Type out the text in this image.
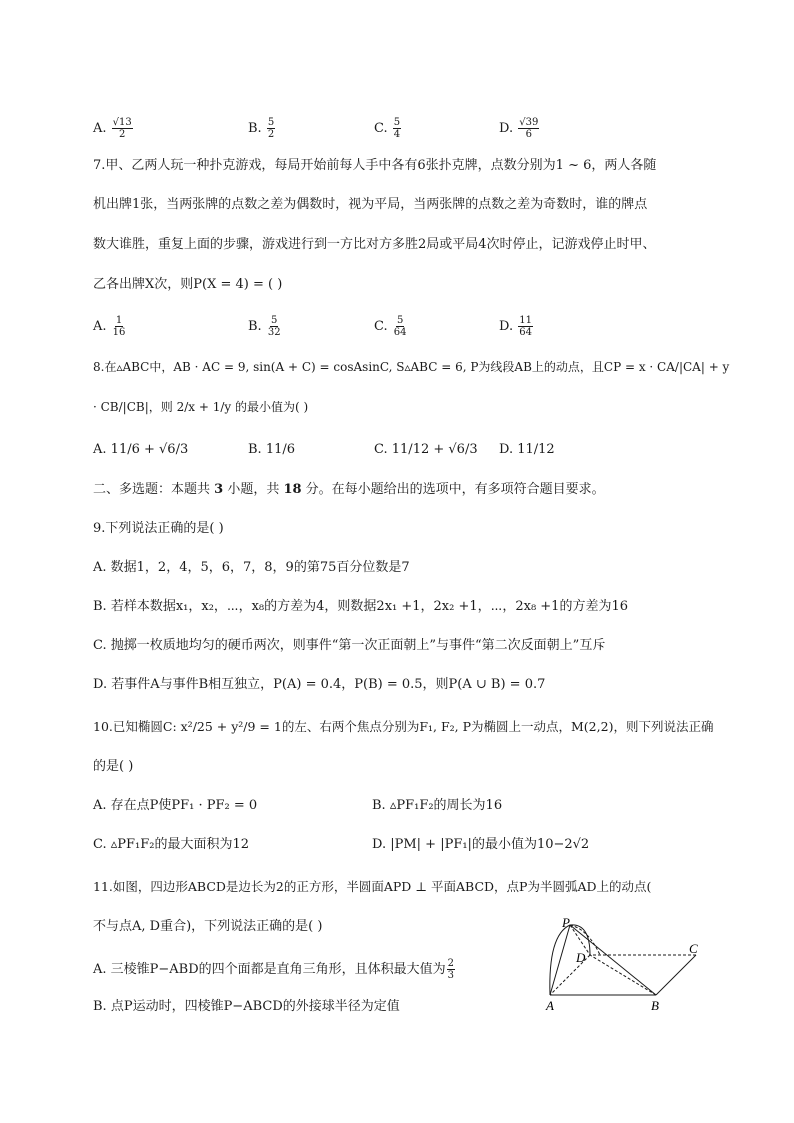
A. $\frac{√13}{2}$	B. $\frac{5}{2}$	C. $\frac{5}{4}$	D. $\frac{√39}{6}$
7.甲、乙两人玩一种扑克游戏，每局开始前每人手中各有6张扑克牌，点数分别为1 ~ 6，两人各随
机出牌1张，当两张牌的点数之差为偶数时，视为平局，当两张牌的点数之差为奇数时，谁的牌点
数大谁胜，重复上面的步骤，游戏进行到一方比对方多胜2局或平局4次时停止，记游戏停止时甲、
乙各出牌X次，则P(X = 4) = ( )
A. $\frac{1}{16}$	B. $\frac{5}{32}$	C. $\frac{5}{64}$	D. $\frac{11}{64}$
8.在▵ABC中，AB · AC = 9, sin(A + C) = cosAsinC, S▵ABC = 6, P为线段AB上的动点，且CP = x · CA/|CA| + y
· CB/|CB|，则 2/x + 1/y 的最小值为( )
A. 11/6 + √6/3	B. 11/6	C. 11/12 + √6/3 D. 11/12
二、多选题：本题共 3 小题，共 18 分。在每小题给出的选项中，有多项符合题目要求。
9.下列说法正确的是( )
A. 数据1，2，4，5，6，7，8，9的第75百分位数是7
B. 若样本数据x₁，x₂，⋯，x₈的方差为4，则数据2x₁ +1，2x₂ +1，⋯，2x₈ +1的方差为16
C. 抛掷一枚质地均匀的硬币两次，则事件“第一次正面朝上”与事件“第二次反面朝上”互斥
D. 若事件A与事件B相互独立，P(A) = 0.4，P(B) = 0.5，则P(A ∪ B) = 0.7
10.已知椭圆C: x²/25 + y²/9 = 1的左、右两个焦点分别为F₁, F₂, P为椭圆上一动点，M(2,2)，则下列说法正确
的是( )
A. 存在点P使PF₁ · PF₂ = 0	B. ▵PF₁F₂的周长为16
C. ▵PF₁F₂的最大面积为12	D. |PM| + |PF₁|的最小值为10−2√2
11.如图，四边形ABCD是边长为2的正方形，半圆面APD ⊥ 平面ABCD，点P为半圆弧AD上的动点(
不与点A, D重合)，下列说法正确的是( )
A. 三棱锥P−ABD的四个面都是直角三角形，且体积最大值为 $\frac{2}{3}$
B. 点P运动时，四棱锥P−ABCD的外接球半径为定值
P
D
C
A	B
